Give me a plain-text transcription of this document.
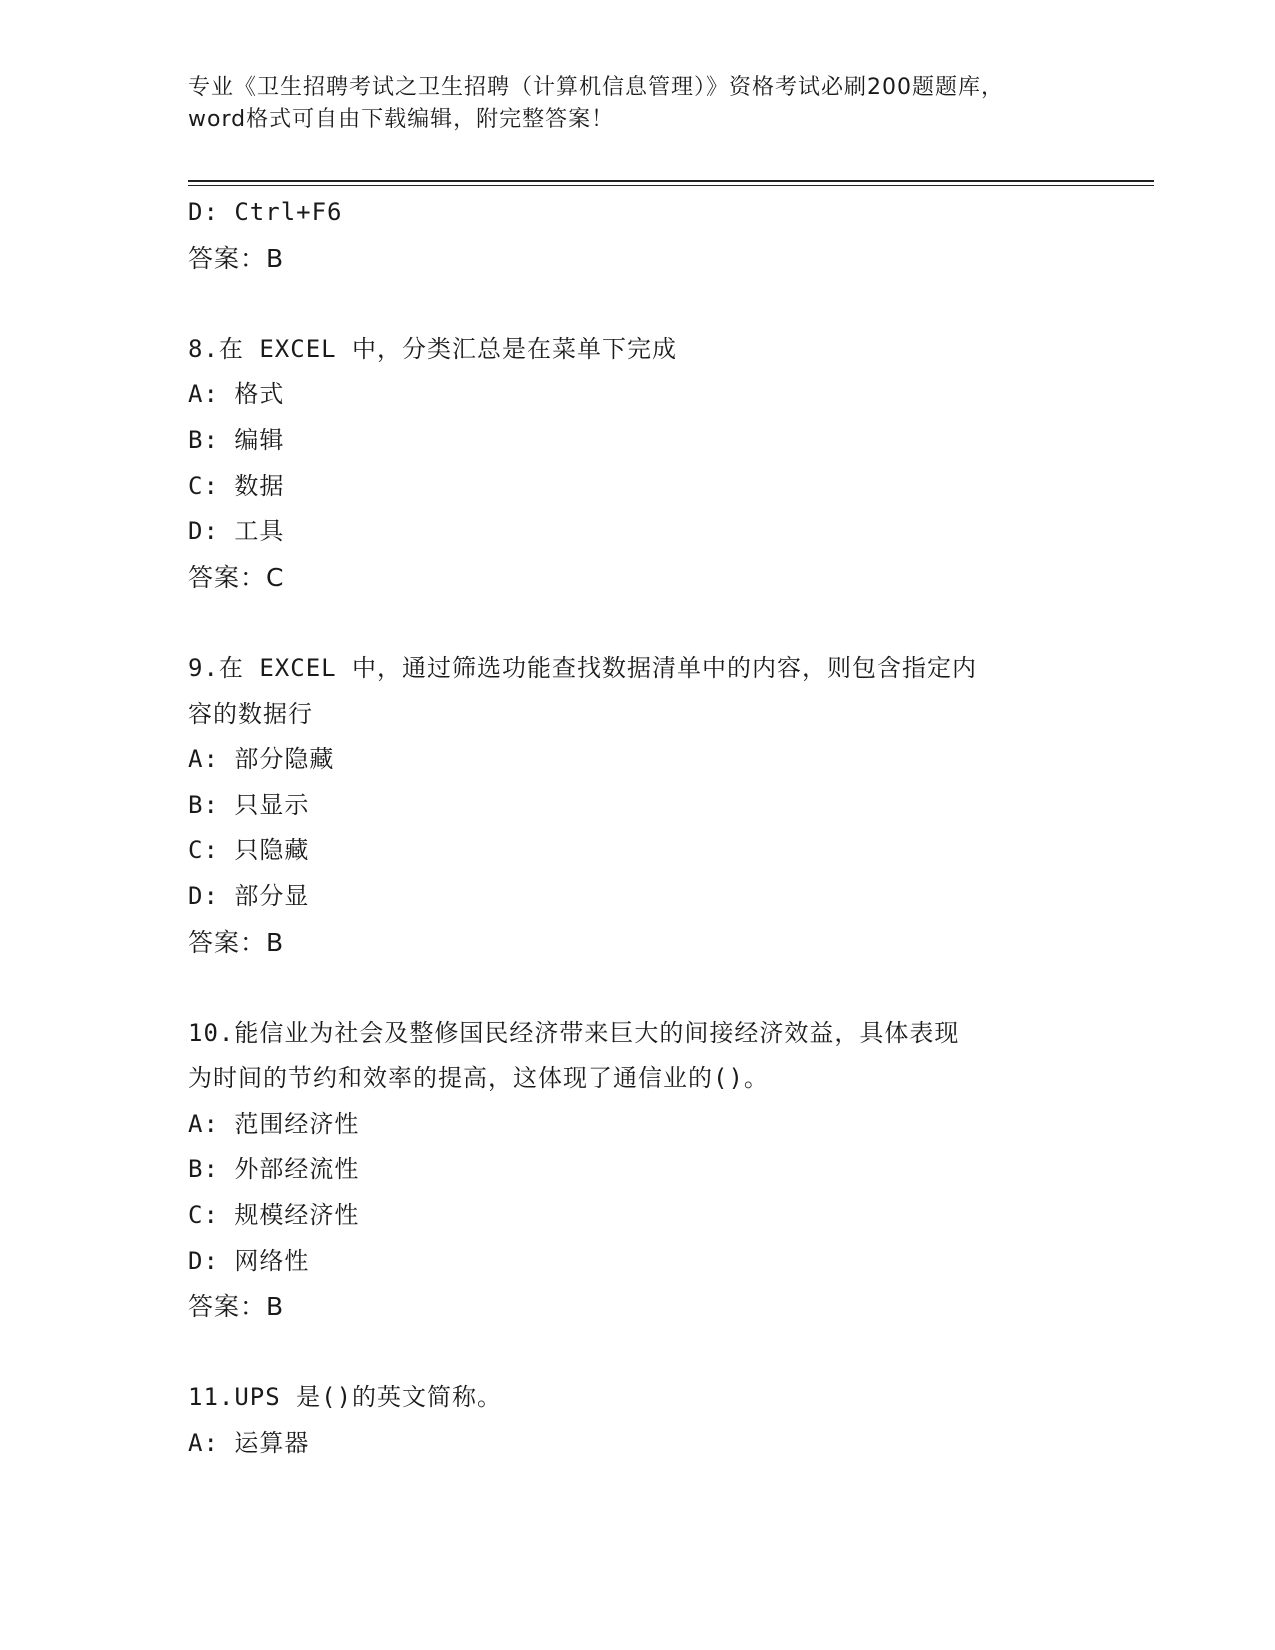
专业《卫生招聘考试之卫生招聘（计算机信息管理）》资格考试必刷200题题库，
word格式可自由下载编辑，附完整答案！
D: Ctrl+F6
答案：B
8.在 EXCEL 中，分类汇总是在菜单下完成
A: 格式
B: 编辑
C: 数据
D: 工具
答案：C
9.在 EXCEL 中，通过筛选功能查找数据清单中的内容，则包含指定内
容的数据行
A: 部分隐藏
B: 只显示
C: 只隐藏
D: 部分显
答案：B
10.能信业为社会及整修国民经济带来巨大的间接经济效益，具体表现
为时间的节约和效率的提高，这体现了通信业的()。
A: 范围经济性
B: 外部经流性
C: 规模经济性
D: 网络性
答案：B
11.UPS 是()的英文简称。
A: 运算器
